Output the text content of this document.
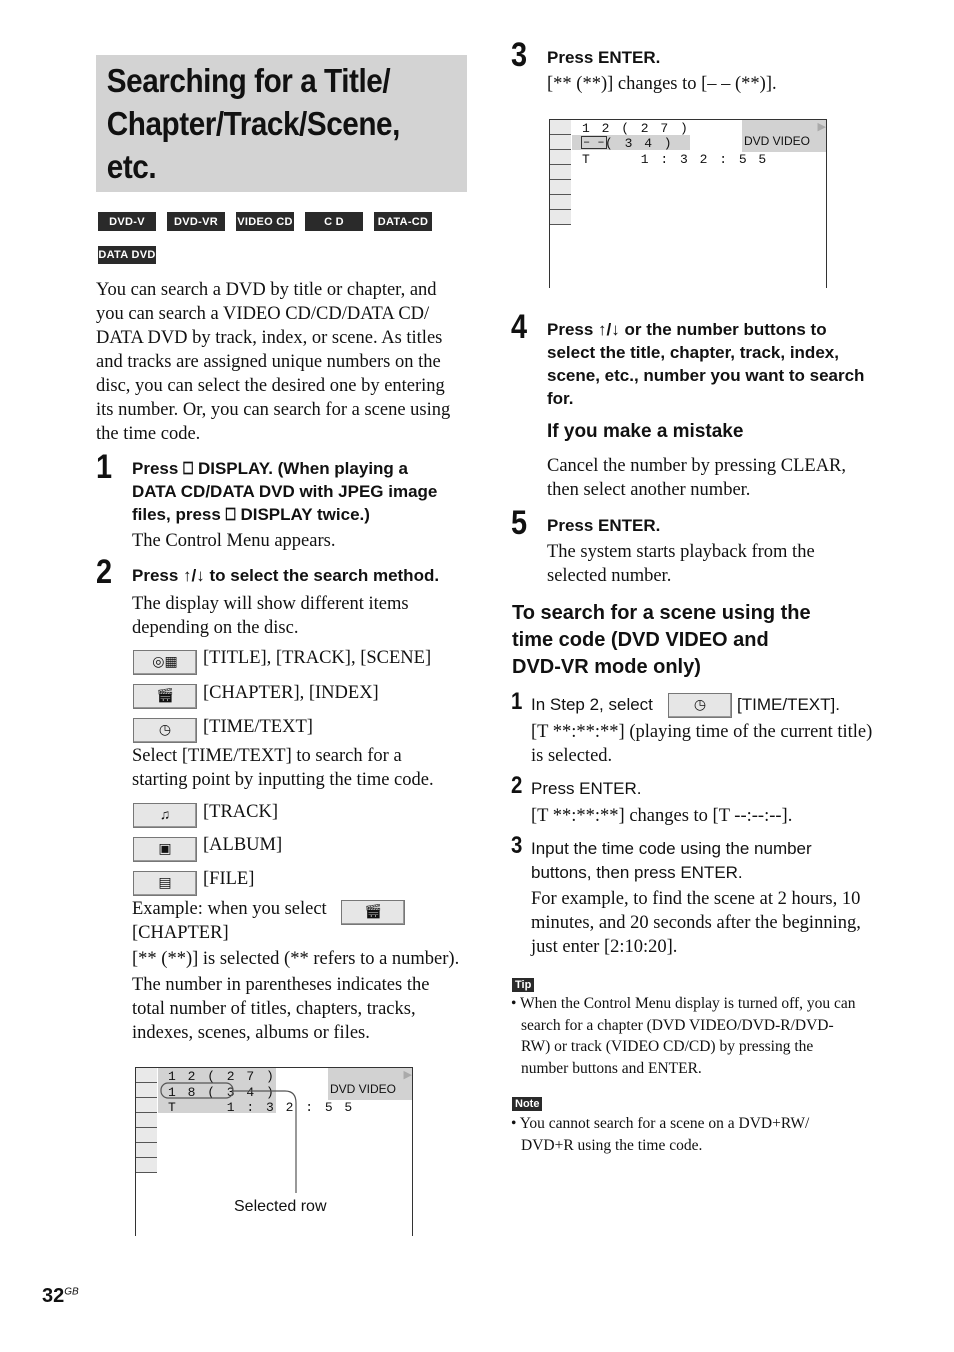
Searching for a Title/
Chapter/Track/Scene,
etc.
DVD-V	DVD-VR	VIDEO CD	C D	DATA-CD
DATA DVD
You can search a DVD by title or chapter, and
you can search a VIDEO CD/CD/DATA CD/
DATA DVD by track, index, or scene. As titles
and tracks are assigned unique numbers on the
disc, you can select the desired one by entering
its number. Or, you can search for a scene using
the time code.
1 Press ⎕ DISPLAY. (When playing a
DATA CD/DATA DVD with JPEG image
files, press ⎕ DISPLAY twice.)
The Control Menu appears.
2 Press ↑/↓ to select the search method.
The display will show different items
depending on the disc.
◎▦	[TITLE], [TRACK], [SCENE]
🎬︎	[CHAPTER], [INDEX]
◷	[TIME/TEXT]
Select [TIME/TEXT] to search for a
starting point by inputting the time code.
♫	[TRACK]
▣	[ALBUM]
▤	[FILE]
Example: when you select	🎬︎
[CHAPTER]
[** (**)] is selected (** refers to a number).
The number in parentheses indicates the
total number of titles, chapters, tracks,
indexes, scenes, albums or files.
1 2 ( 2 7 )
1 8 ( 3 4 )
T     1 : 3 2 : 5 5
▶
DVD VIDEO
Selected row
3 Press ENTER.
[** (**)] changes to [– – (**)].
1 2 ( 2 7 )
– – ( 3 4 )
T     1 : 3 2 : 5 5
▶
DVD VIDEO
4 Press ↑/↓ or the number buttons to
select the title, chapter, track, index,
scene, etc., number you want to search
for.
If you make a mistake
Cancel the number by pressing CLEAR,
then select another number.
5 Press ENTER.
The system starts playback from the
selected number.
To search for a scene using the
time code (DVD VIDEO and
DVD-VR mode only)
1 In Step 2, select	◷	[TIME/TEXT].
[T **:**:**] (playing time of the current title)
is selected.
2 Press ENTER.
[T **:**:**] changes to [T --:--:--].
3 Input the time code using the number
buttons, then press ENTER.
For example, to find the scene at 2 hours, 10
minutes, and 20 seconds after the beginning,
just enter [2:10:20].
Tip
• When the Control Menu display is turned off, you can
search for a chapter (DVD VIDEO/DVD-R/DVD-
RW) or track (VIDEO CD/CD) by pressing the
number buttons and ENTER.
Note
• You cannot search for a scene on a DVD+RW/
DVD+R using the time code.
$32^{GB}$
